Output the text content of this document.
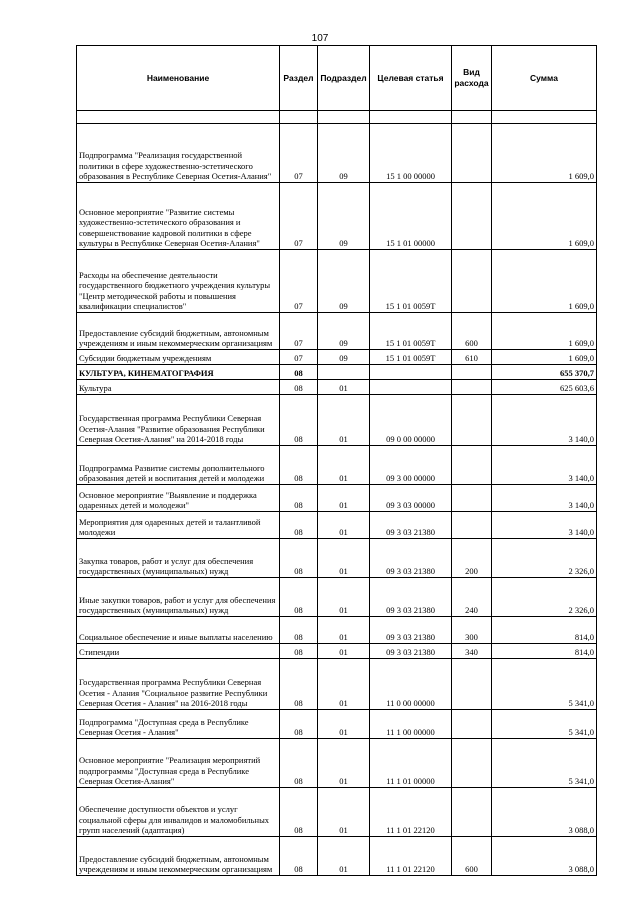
107
Наименование	Раздел	Подраздел	Целевая статья	Вид расхода	Сумма

Подпрограмма "Реализация государственной политики в сфере художественно-эстетического образования в Республике Северная Осетия-Алания"	07	09	15 1 00 00000		1 609,0
Основное мероприятие "Развитие системы художественно-эстетического образования и совершенствование кадровой политики в сфере культуры в Республике Северная Осетия-Алания"	07	09	15 1 01 00000		1 609,0
Расходы на обеспечение деятельности государственного бюджетного учреждения культуры "Центр методической работы и повышения квалификации специалистов"	07	09	15 1 01 0059Т		1 609,0
Предоставление субсидий бюджетным, автономным учреждениям и иным некоммерческим организациям	07	09	15 1 01 0059Т	600	1 609,0
Субсидии бюджетным учреждениям	07	09	15 1 01 0059Т	610	1 609,0
КУЛЬТУРА, КИНЕМАТОГРАФИЯ	08				655 370,7
Культура	08	01			625 603,6
Государственная программа Республики Северная Осетия-Алания "Развитие образования Республики Северная Осетия-Алания" на 2014-2018 годы	08	01	09 0 00 00000		3 140,0
Подпрограмма Развитие системы дополнительного образования детей и воспитания детей и молодежи	08	01	09 3 00 00000		3 140,0
Основное мероприятие "Выявление и поддержка одаренных детей и молодежи"	08	01	09 3 03 00000		3 140,0
Мероприятия для одаренных детей и талантливой молодежи	08	01	09 3 03 21380		3 140,0
Закупка товаров, работ и услуг для обеспечения государственных (муниципальных) нужд	08	01	09 3 03 21380	200	2 326,0
Иные закупки товаров, работ и услуг для обеспечения государственных (муниципальных) нужд	08	01	09 3 03 21380	240	2 326,0
Социальное обеспечение и иные выплаты населению	08	01	09 3 03 21380	300	814,0
Стипендии	08	01	09 3 03 21380	340	814,0
Государственная программа Республики Северная Осетия - Алания "Социальное развитие Республики Северная Осетия - Алания" на 2016-2018 годы	08	01	11 0 00 00000		5 341,0
Подпрограмма "Доступная среда в Республике Северная Осетия - Алания"	08	01	11 1 00 00000		5 341,0
Основное мероприятие "Реализация мероприятий подпрограммы "Доступная среда в Республике Северная Осетия-Алания"	08	01	11 1 01 00000		5 341,0
Обеспечение доступности объектов и услуг социальной сферы для инвалидов и маломобильных групп населений (адаптация)	08	01	11 1 01 22120		3 088,0
Предоставление субсидий бюджетным, автономным учреждениям и иным некоммерческим организациям	08	01	11 1 01 22120	600	3 088,0
